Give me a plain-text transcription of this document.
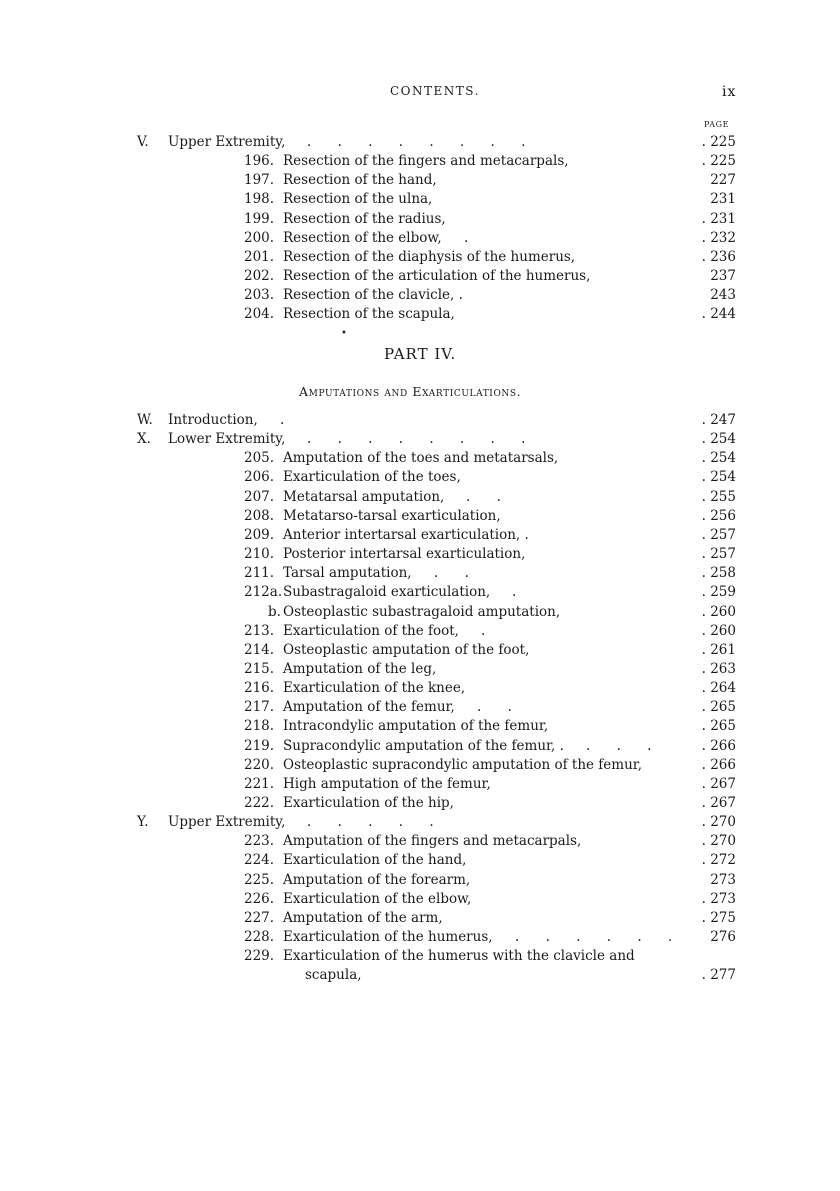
CONTENTS.	ix
PAGE
V. Upper Extremity, . . . . . . . .	. 225
196. Resection of the fingers and metacarpals,	. 225
197. Resection of the hand,	227
198. Resection of the ulna,	231
199. Resection of the radius,	. 231
200. Resection of the elbow, .	. 232
201. Resection of the diaphysis of the humerus,	. 236
202. Resection of the articulation of the humerus,	237
203. Resection of the clavicle, .	243
204. Resection of the scapula,	. 244
•
PART IV.
Amputations and Exarticulations.
W. Introduction, .	. 247
X. Lower Extremity, . . . . . . . .	. 254
205. Amputation of the toes and metatarsals,	. 254
206. Exarticulation of the toes,	. 254
207. Metatarsal amputation, . .	. 255
208. Metatarso-tarsal exarticulation,	. 256
209. Anterior intertarsal exarticulation, .	. 257
210. Posterior intertarsal exarticulation,	. 257
211. Tarsal amputation, . .	. 258
212a. Subastragaloid exarticulation, .	. 259
b. Osteoplastic subastragaloid amputation,	. 260
213. Exarticulation of the foot, .	. 260
214. Osteoplastic amputation of the foot,	. 261
215. Amputation of the leg,	. 263
216. Exarticulation of the knee,	. 264
217. Amputation of the femur, . .	. 265
218. Intracondylic amputation of the femur,	. 265
219. Supracondylic amputation of the femur, . . . .	. 266
220. Osteoplastic supracondylic amputation of the femur,	. 266
221. High amputation of the femur,	. 267
222. Exarticulation of the hip,	. 267
Y. Upper Extremity, . . . . .	. 270
223. Amputation of the fingers and metacarpals,	. 270
224. Exarticulation of the hand,	. 272
225. Amputation of the forearm,	273
226. Exarticulation of the elbow,	. 273
227. Amputation of the arm,	. 275
228. Exarticulation of the humerus, . . . . . . 276
229. Exarticulation of the humerus with the clavicle and
scapula,	. 277
